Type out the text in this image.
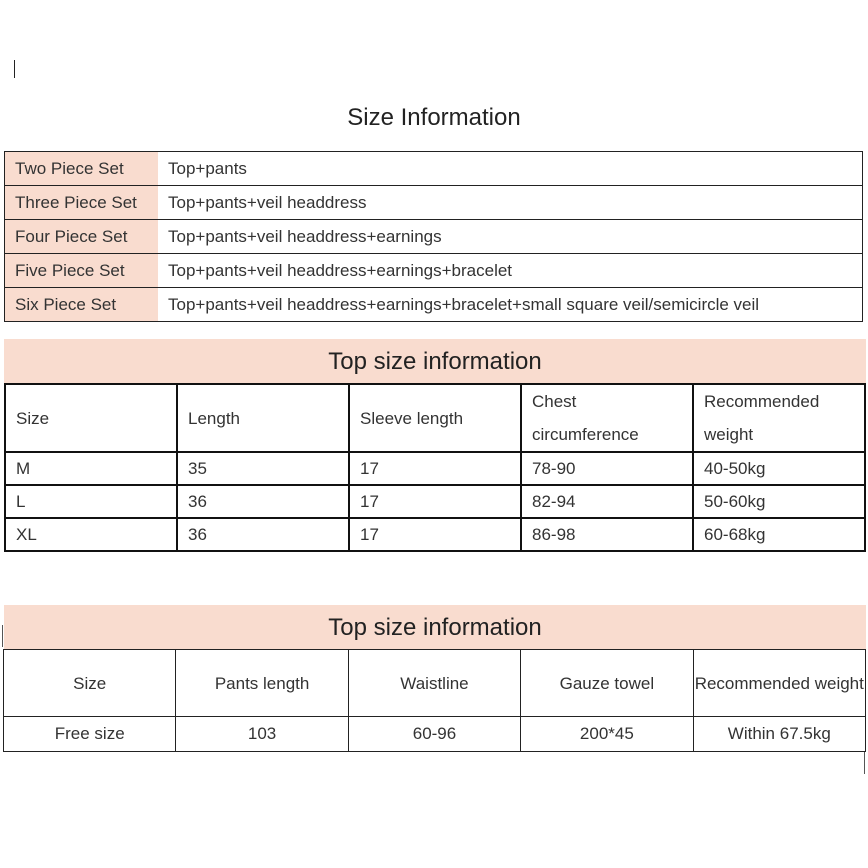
Size Information
Two Piece Set	Top+pants
Three Piece Set	Top+pants+veil headdress
Four Piece Set	Top+pants+veil headdress+earnings
Five Piece Set	Top+pants+veil headdress+earnings+bracelet
Six Piece Set	Top+pants+veil headdress+earnings+bracelet+small square veil/semicircle veil
Top size information
Size	Length	Sleeve length	Chest circumference	Recommended weight
M	35	17	78-90	40-50kg
L	36	17	82-94	50-60kg
XL	36	17	86-98	60-68kg
Top size information
Size	Pants length	Waistline	Gauze towel	Recommended weight
Free size	103	60-96	200*45	Within 67.5kg
